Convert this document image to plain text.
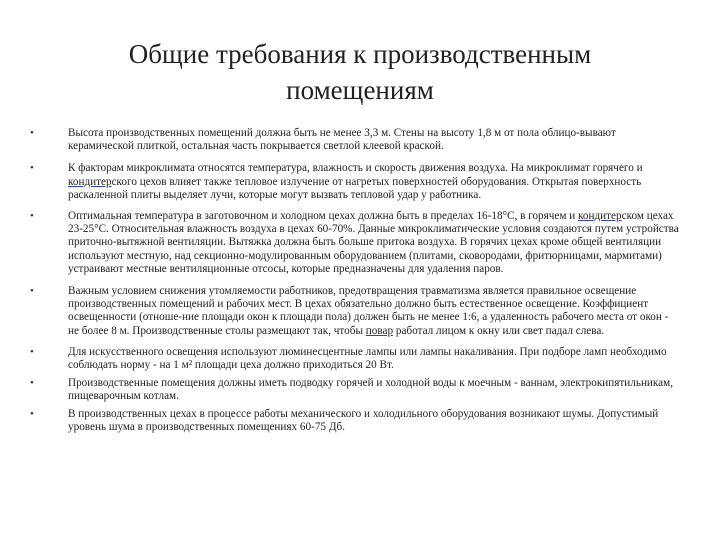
Общие требования к производственным
помещениям
•	Высота производственных помещений должна быть не менее 3,3 м. Стены на высоту 1,8 м от пола облицо-вывают керамической плиткой, остальная часть покрывается светлой клеевой краской.
•	К факторам микроклимата относятся температура, влажность и скорость движения воздуха. На микроклимат горячего и кондитерского цехов влияет также тепловое излучение от нагретых поверхностей оборудования. Открытая поверхность раскаленной плиты выделяет лучи, которые могут вызвать тепловой удар у работника.
•	Оптимальная температура в заготовочном и холодном цехах должна быть в пределах 16-18°С, в горячем и кондитерском цехах 23-25°С. Относительная влажность воздуха в цехах 60-70%. Данные микроклиматические условия создаются путем устройства приточно-вытяжной вентиляции. Вытяжка должна быть больше притока воздуха. В горячих цехах кроме общей вентиляции используют местную, над секционно-модулированным оборудованием (плитами, сковородами, фритюрницами, мармитами) устраивают местные вентиляционные отсосы, которые предназначены для удаления паров.
•	Важным условием снижения утомляемости работников, предотвращения травматизма является правильное освещение производственных помещений и рабочих мест. В цехах обязательно должно быть естественное освещение. Коэффициент освещенности (отноше-ние площади окон к площади пола) должен быть не менее 1:6, а удаленность рабочего места от окон - не более 8 м. Производственные столы размещают так, чтобы повар работал лицом к окну или свет падал слева.
•	Для искусственного освещения используют люминесцентные лампы или лампы накаливания. При подборе ламп необходимо соблюдать норму - на 1 м² площади цеха должно приходиться 20 Вт.
•	Производственные помещения должны иметь подводку горячей и холодной воды к моечным - ваннам, электрокипятильникам, пищеварочным котлам.
•	В производственных цехах в процессе работы механического и холодильного оборудования возникают шумы. Допустимый уровень шума в производственных помещениях 60-75 Дб.
